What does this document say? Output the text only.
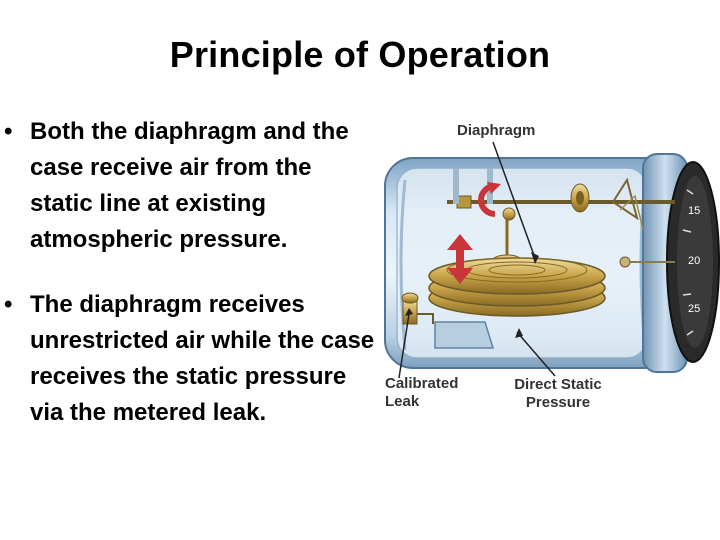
Principle of Operation
• Both the diaphragm and the case receive air from the static line at existing atmospheric pressure.
• The diaphragm receives unrestricted air while the case receives the static pressure via the metered leak.
15
20
25
Diaphragm
Calibrated
Leak
Direct Static
Pressure
